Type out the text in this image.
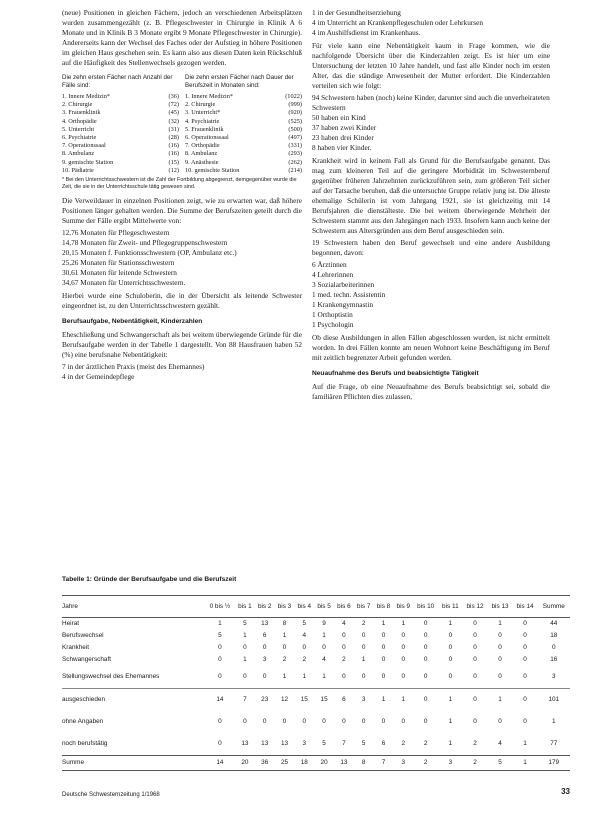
(neue) Positionen in gleichen Fächern, jedoch an verschiedenen Arbeitsplätzen wurden zusammengezählt (z. B. Pflegeschwester in Chirurgie in Klinik A 6 Monate und in Klinik B 3 Monate ergibt 9 Monate Pflegeschwester in Chirurgie). Andererseits kann der Wechsel des Faches oder der Aufstieg in höhere Positionen im gleichen Haus geschehen sein. Es kann also aus diesen Daten kein Rückschluß auf die Häufigkeit des Stellenwechsels gezogen werden.

Die zehn ersten Fächer nach Anzahl der Fälle sind:
1. Innere Medizin*	(36)
2. Chirurgie	(72)
3. Frauenklinik	(45)
4. Orthopädie	(32)
5. Unterricht	(31)
6. Psychiatrie	(28)
7. Operationssaal	(16)
8. Ambulanz	(16)
9. gemischte Station	(15)
10. Pädiatrie	(12)
Die zehn ersten Fächer nach Dauer der Berufszeit in Monaten sind:
1. Innere Medizin*	(1022)
2. Chirurgie	(999)
3. Unterricht*	(920)
4. Psychiatrie	(525)
5. Frauenklinik	(500)
6. Operationssaal	(497)
7. Orthopädie	(331)
8. Ambulanz	(293)
9. Anästhesie	(262)
10. gemischte Station	(214)
* Bei den Unterrichtsschwestern ist die Zahl der Fortbildung abgegrenzt, demgegenüber wurde die Zeit, die sie in der Unterrichtsschule tätig gewesen sind.

Die Verweildauer in einzelnen Positionen zeigt, wie zu erwarten war, daß höhere Positionen länger gehalten werden. Die Summe der Berufszeiten geteilt durch die Summe der Fälle ergibt Mittelwerte von:

12,76 Monaten für Pflegeschwestern
14,78 Monaten für Zweit- und Pflegegruppenschwestern
20,15 Monaten f. Funktionsschwestern (OP, Ambulanz etc.)
25,26 Monaten für Stationsschwestern
30,61 Monaten für leitende Schwestern
34,67 Monaten für Unterrichtsschwestern.

Hierbei wurde eine Schuloberin, die in der Übersicht als leitende Schwester eingeordnet ist, zu den Unterrichtsschwestern gezählt.

Berufsaufgabe, Nebentätigkeit, Kinderzahlen

Eheschließung und Schwangerschaft als bei weitem überwiegende Gründe für die Berufsaufgabe werden in der Tabelle 1 dargestellt. Von 88 Hausfrauen haben 52 (%) eine berufsnahe Nebentätigkeit:

7 in der ärztlichen Praxis (meist des Ehemannes)
4 in der Gemeindepflege
1 in der Gesundheitserziehung
4 im Unterricht an Krankenpflegeschulen oder Lehrkursen
4 im Aushilfsdienst im Krankenhaus.

Für viele kann eine Nebentätigkeit kaum in Frage kommen, wie die nachfolgende Übersicht über die Kinderzahlen zeigt. Es ist hier um eine Untersuchung der letzten 10 Jahre handelt, und fast alle Kinder noch im ersten Alter, das die ständige Anwesenheit der Mutter erfordert. Die Kinderzahlen verteilen sich wie folgt:

94 Schwestern haben (noch) keine Kinder, darunter sind auch die unverheirateten Schwestern
50 haben ein Kind
37 haben zwei Kinder
23 haben drei Kinder
8 haben vier Kinder.

Krankheit wird in keinem Fall als Grund für die Berufsaufgabe genannt. Das mag zum kleineren Teil auf die geringere Morbidität im Schwesternberuf gegenüber früheren Jahrzehnten zurückzuführen sein, zum größeren Teil sicher auf der Tatsache beruhen, daß die untersuchte Gruppe relativ jung ist. Die älteste ehemalige Schülerin ist vom Jahrgang 1921, sie ist gleichzeitig mit 14 Berufsjahren die dienstälteste. Die bei weitem überwiegende Mehrheit der Schwestern stammt aus den Jahrgängen nach 1933. Insofern kann auch keine der Schwestern aus Altersgründen aus dem Beruf ausgeschieden sein.

19 Schwestern haben den Beruf gewechselt und eine andere Ausbildung begonnen, davon:

6 Ärztinnen
4 Lehrerinnen
3 Sozialarbeiterinnen
1 med. techn. Assistentin
1 Krankengymnastin
1 Orthoptistin
1 Psychologin

Ob diese Ausbildungen in allen Fällen abgeschlossen wurden, ist nicht ermittelt worden. In drei Fällen konnte am neuen Wohnort keine Beschäftigung im Beruf mit zeitlich begrenzter Arbeit gefunden werden.

Neuaufnahme des Berufs und beabsichtigte Tätigkeit

Auf die Frage, ob eine Neuaufnahme des Berufs beabsichtigt sei, sobald die familiären Pflichten dies zulassen,

Tabelle 1: Gründe der Berufsaufgabe und die Berufszeit
Jahre	0 bis ½	bis 1	bis 2	bis 3	bis 4	bis 5	bis 6	bis 7	bis 8	bis 9	bis 10	bis 11	bis 12	bis 13	bis 14	Summe
Heirat	1	5	13	8	5	9	4	2	1	1	0	1	0	1	0	44
Berufswechsel	5	1	6	1	4	1	0	0	0	0	0	0	0	0	0	18
Krankheit	0	0	0	0	0	0	0	0	0	0	0	0	0	0	0	0
Schwangerschaft	0	1	3	2	2	4	2	1	0	0	0	0	0	0	0	16
Stellungswechsel des Ehemannes	0	0	0	1	1	1	0	0	0	0	0	0	0	0	0	3
ausgeschieden	14	7	23	12	15	15	6	3	1	1	0	1	0	1	0	101
ohne Angaben	0	0	0	0	0	0	0	0	0	0	0	1	0	0	0	1
noch berufstätig	0	13	13	13	3	5	7	5	6	2	2	1	2	4	1	77
Summe	14	20	36	25	18	20	13	8	7	3	2	3	2	5	1	179
Deutsche Schwesternzeitung 1/1968	33
